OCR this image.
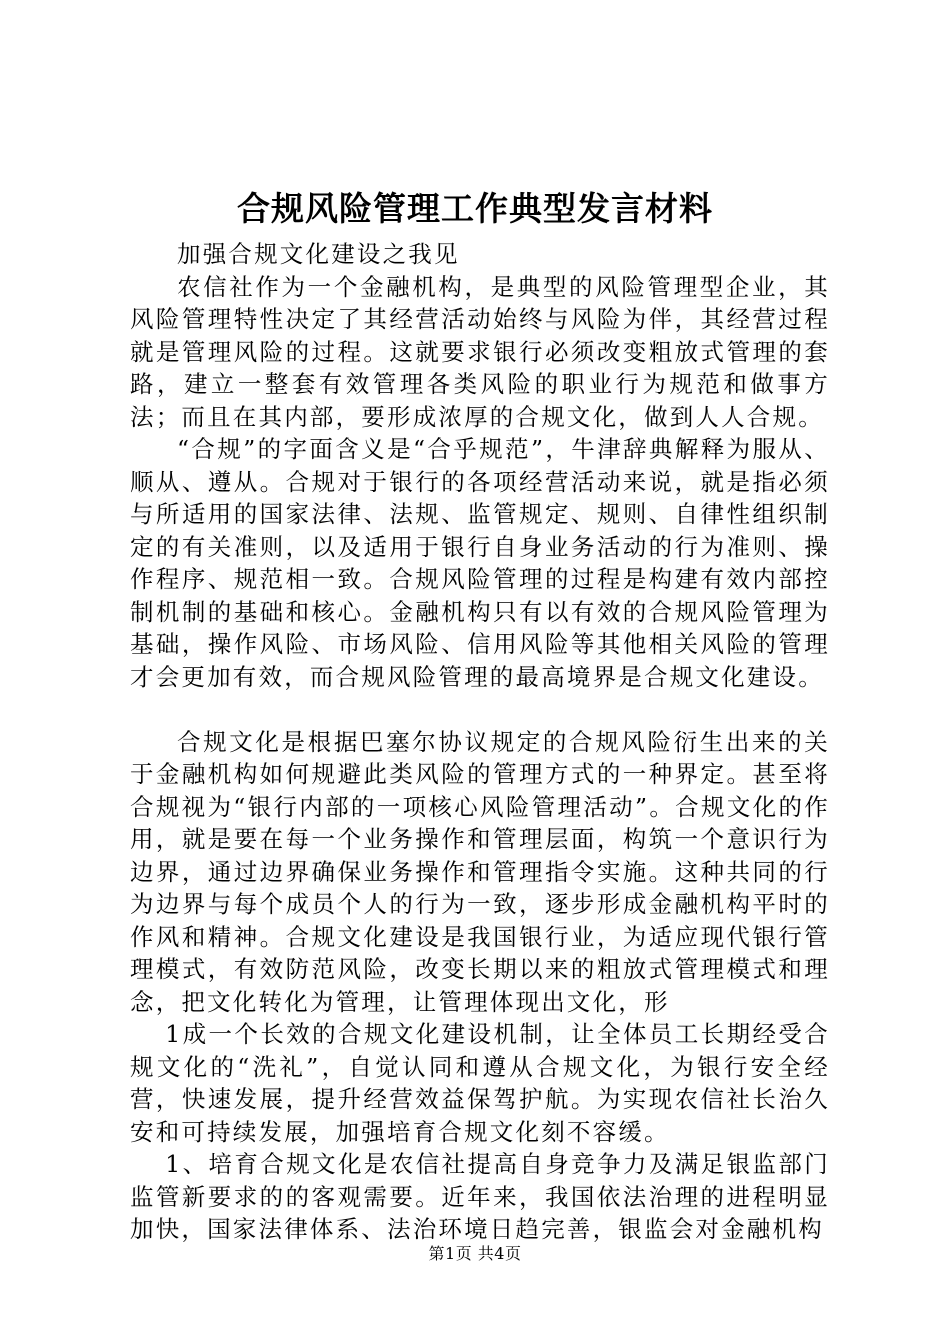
合规风险管理工作典型发言材料

加强合规文化建设之我见

农信社作为一个金融机构，是典型的风险管理型企业，其风险管理特性决定了其经营活动始终与风险为伴，其经营过程就是管理风险的过程。这就要求银行必须改变粗放式管理的套路，建立一整套有效管理各类风险的职业行为规范和做事方法；而且在其内部，要形成浓厚的合规文化，做到人人合规。

“合规”的字面含义是“合乎规范”，牛津辞典解释为服从、顺从、遵从。合规对于银行的各项经营活动来说，就是指必须与所适用的国家法律、法规、监管规定、规则、自律性组织制定的有关准则，以及适用于银行自身业务活动的行为准则、操作程序、规范相一致。合规风险管理的过程是构建有效内部控制机制的基础和核心。金融机构只有以有效的合规风险管理为基础，操作风险、市场风险、信用风险等其他相关风险的管理才会更加有效，而合规风险管理的最高境界是合规文化建设。

合规文化是根据巴塞尔协议规定的合规风险衍生出来的关于金融机构如何规避此类风险的管理方式的一种界定。甚至将合规视为“银行内部的一项核心风险管理活动”。合规文化的作用，就是要在每一个业务操作和管理层面，构筑一个意识行为边界，通过边界确保业务操作和管理指令实施。这种共同的行为边界与每个成员个人的行为一致，逐步形成金融机构平时的作风和精神。合规文化建设是我国银行业，为适应现代银行管理模式，有效防范风险，改变长期以来的粗放式管理模式和理念，把文化转化为管理，让管理体现出文化，形

1成一个长效的合规文化建设机制，让全体员工长期经受合规文化的“洗礼”，自觉认同和遵从合规文化，为银行安全经营，快速发展，提升经营效益保驾护航。为实现农信社长治久安和可持续发展，加强培育合规文化刻不容缓。

1、培育合规文化是农信社提高自身竞争力及满足银监部门监管新要求的的客观需要。近年来，我国依法治理的进程明显加快，国家法律体系、法治环境日趋完善，银监会对金融机构

第1页 共4页
